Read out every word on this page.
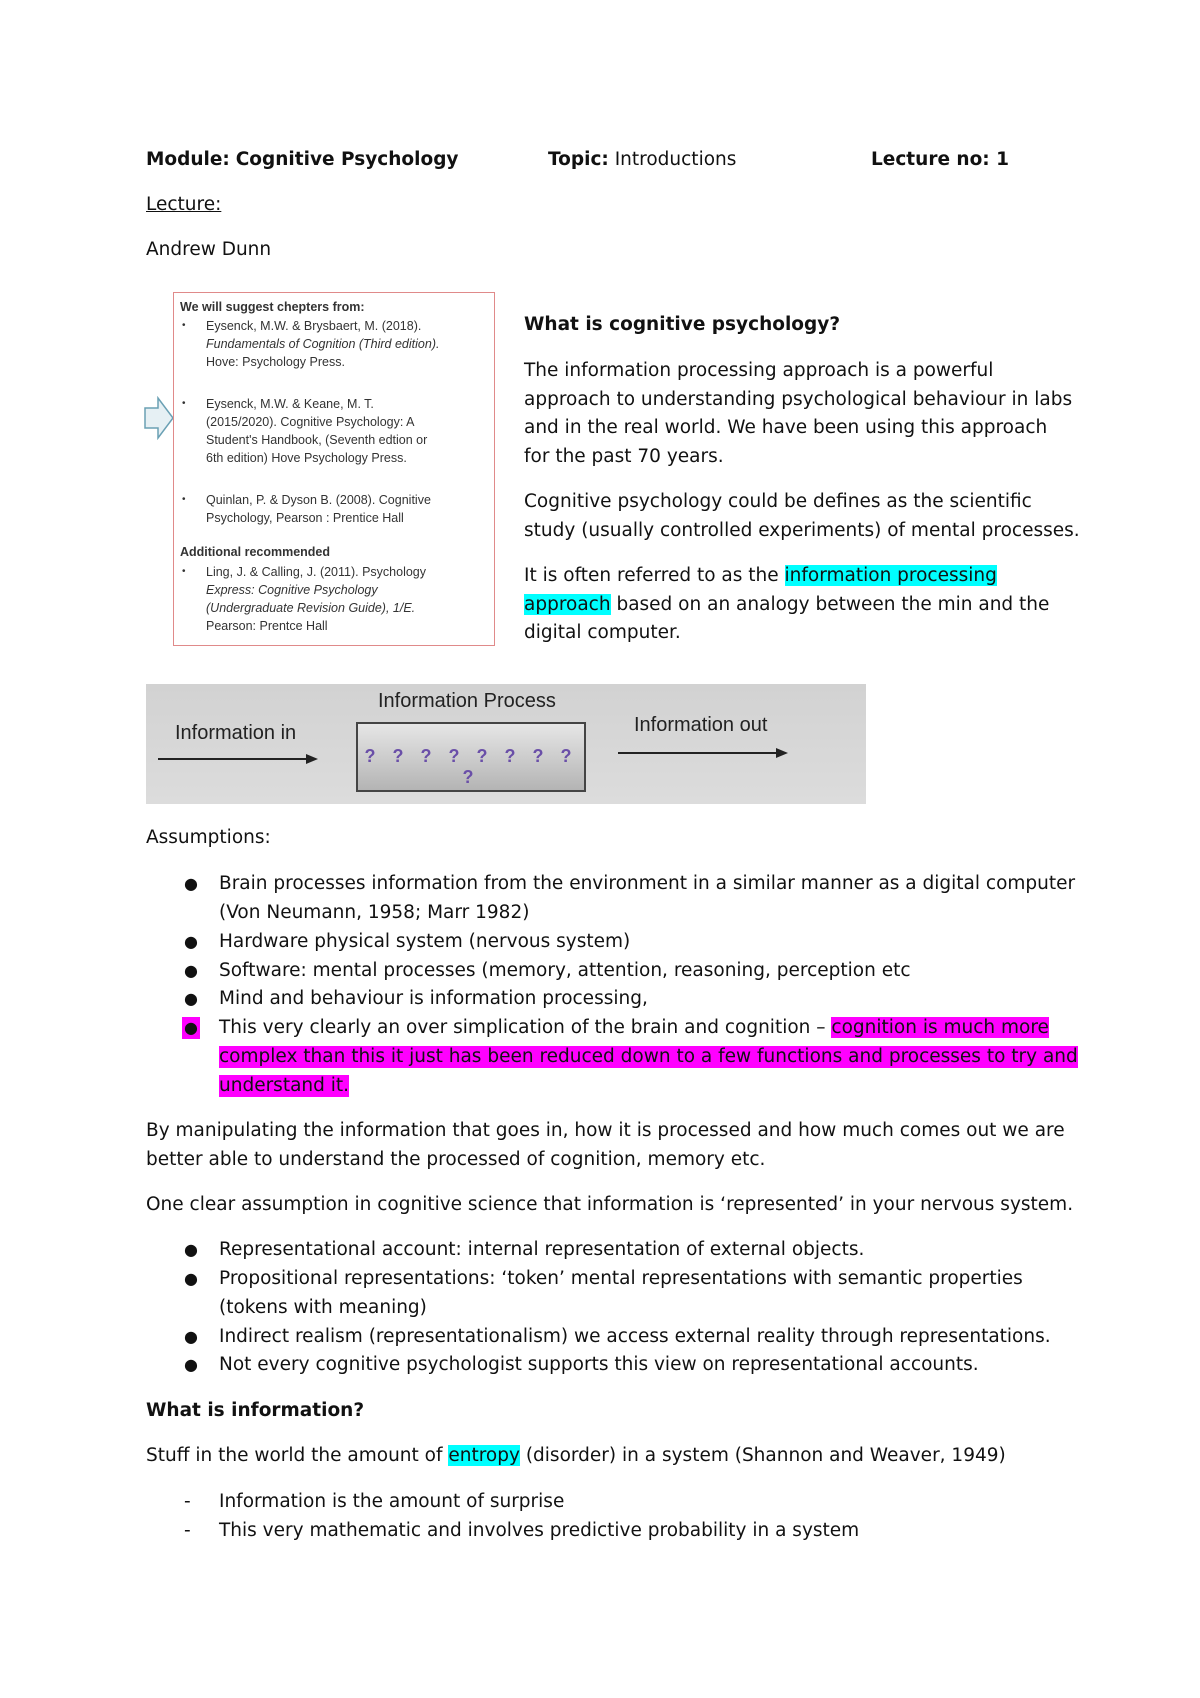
Module: Cognitive Psychology	Topic: Introductions	Lecture no: 1
Lecture:
Andrew Dunn
We will suggest chepters from:
• Eysenck, M.W. & Brysbaert, M. (2018).
Fundamentals of Cognition (Third edition).
Hove: Psychology Press.
• Eysenck, M.W. & Keane, M. T.
(2015/2020). Cognitive Psychology: A
Student's Handbook, (Seventh edtion or
6th edition) Hove Psychology Press.
• Quinlan, P. & Dyson B. (2008). Cognitive
Psychology, Pearson : Prentice Hall
Additional recommended
• Ling, J. & Calling, J. (2011). Psychology
Express: Cognitive Psychology
(Undergraduate Revision Guide), 1/E.
Pearson: Prentce Hall
What is cognitive psychology?
The information processing approach is a powerful
approach to understanding psychological behaviour in labs
and in the real world. We have been using this approach
for the past 70 years.
Cognitive psychology could be defines as the scientific
study (usually controlled experiments) of mental processes.
It is often referred to as the information processing
approach based on an analogy between the min and the
digital computer.
Information Process
Information in	Information out
? ? ? ? ? ? ? ? ?
Assumptions:
● Brain processes information from the environment in a similar manner as a digital computer
(Von Neumann, 1958; Marr 1982)
● Hardware physical system (nervous system)
● Software: mental processes (memory, attention, reasoning, perception etc
● Mind and behaviour is information processing,
● This very clearly an over simplication of the brain and cognition – cognition is much more
complex than this it just has been reduced down to a few functions and processes to try and
understand it.
By manipulating the information that goes in, how it is processed and how much comes out we are
better able to understand the processed of cognition, memory etc.
One clear assumption in cognitive science that information is ‘represented’ in your nervous system.
● Representational account: internal representation of external objects.
● Propositional representations: ‘token’ mental representations with semantic properties
(tokens with meaning)
● Indirect realism (representationalism) we access external reality through representations.
● Not every cognitive psychologist supports this view on representational accounts.
What is information?
Stuff in the world the amount of entropy (disorder) in a system (Shannon and Weaver, 1949)
- Information is the amount of surprise
- This very mathematic and involves predictive probability in a system
